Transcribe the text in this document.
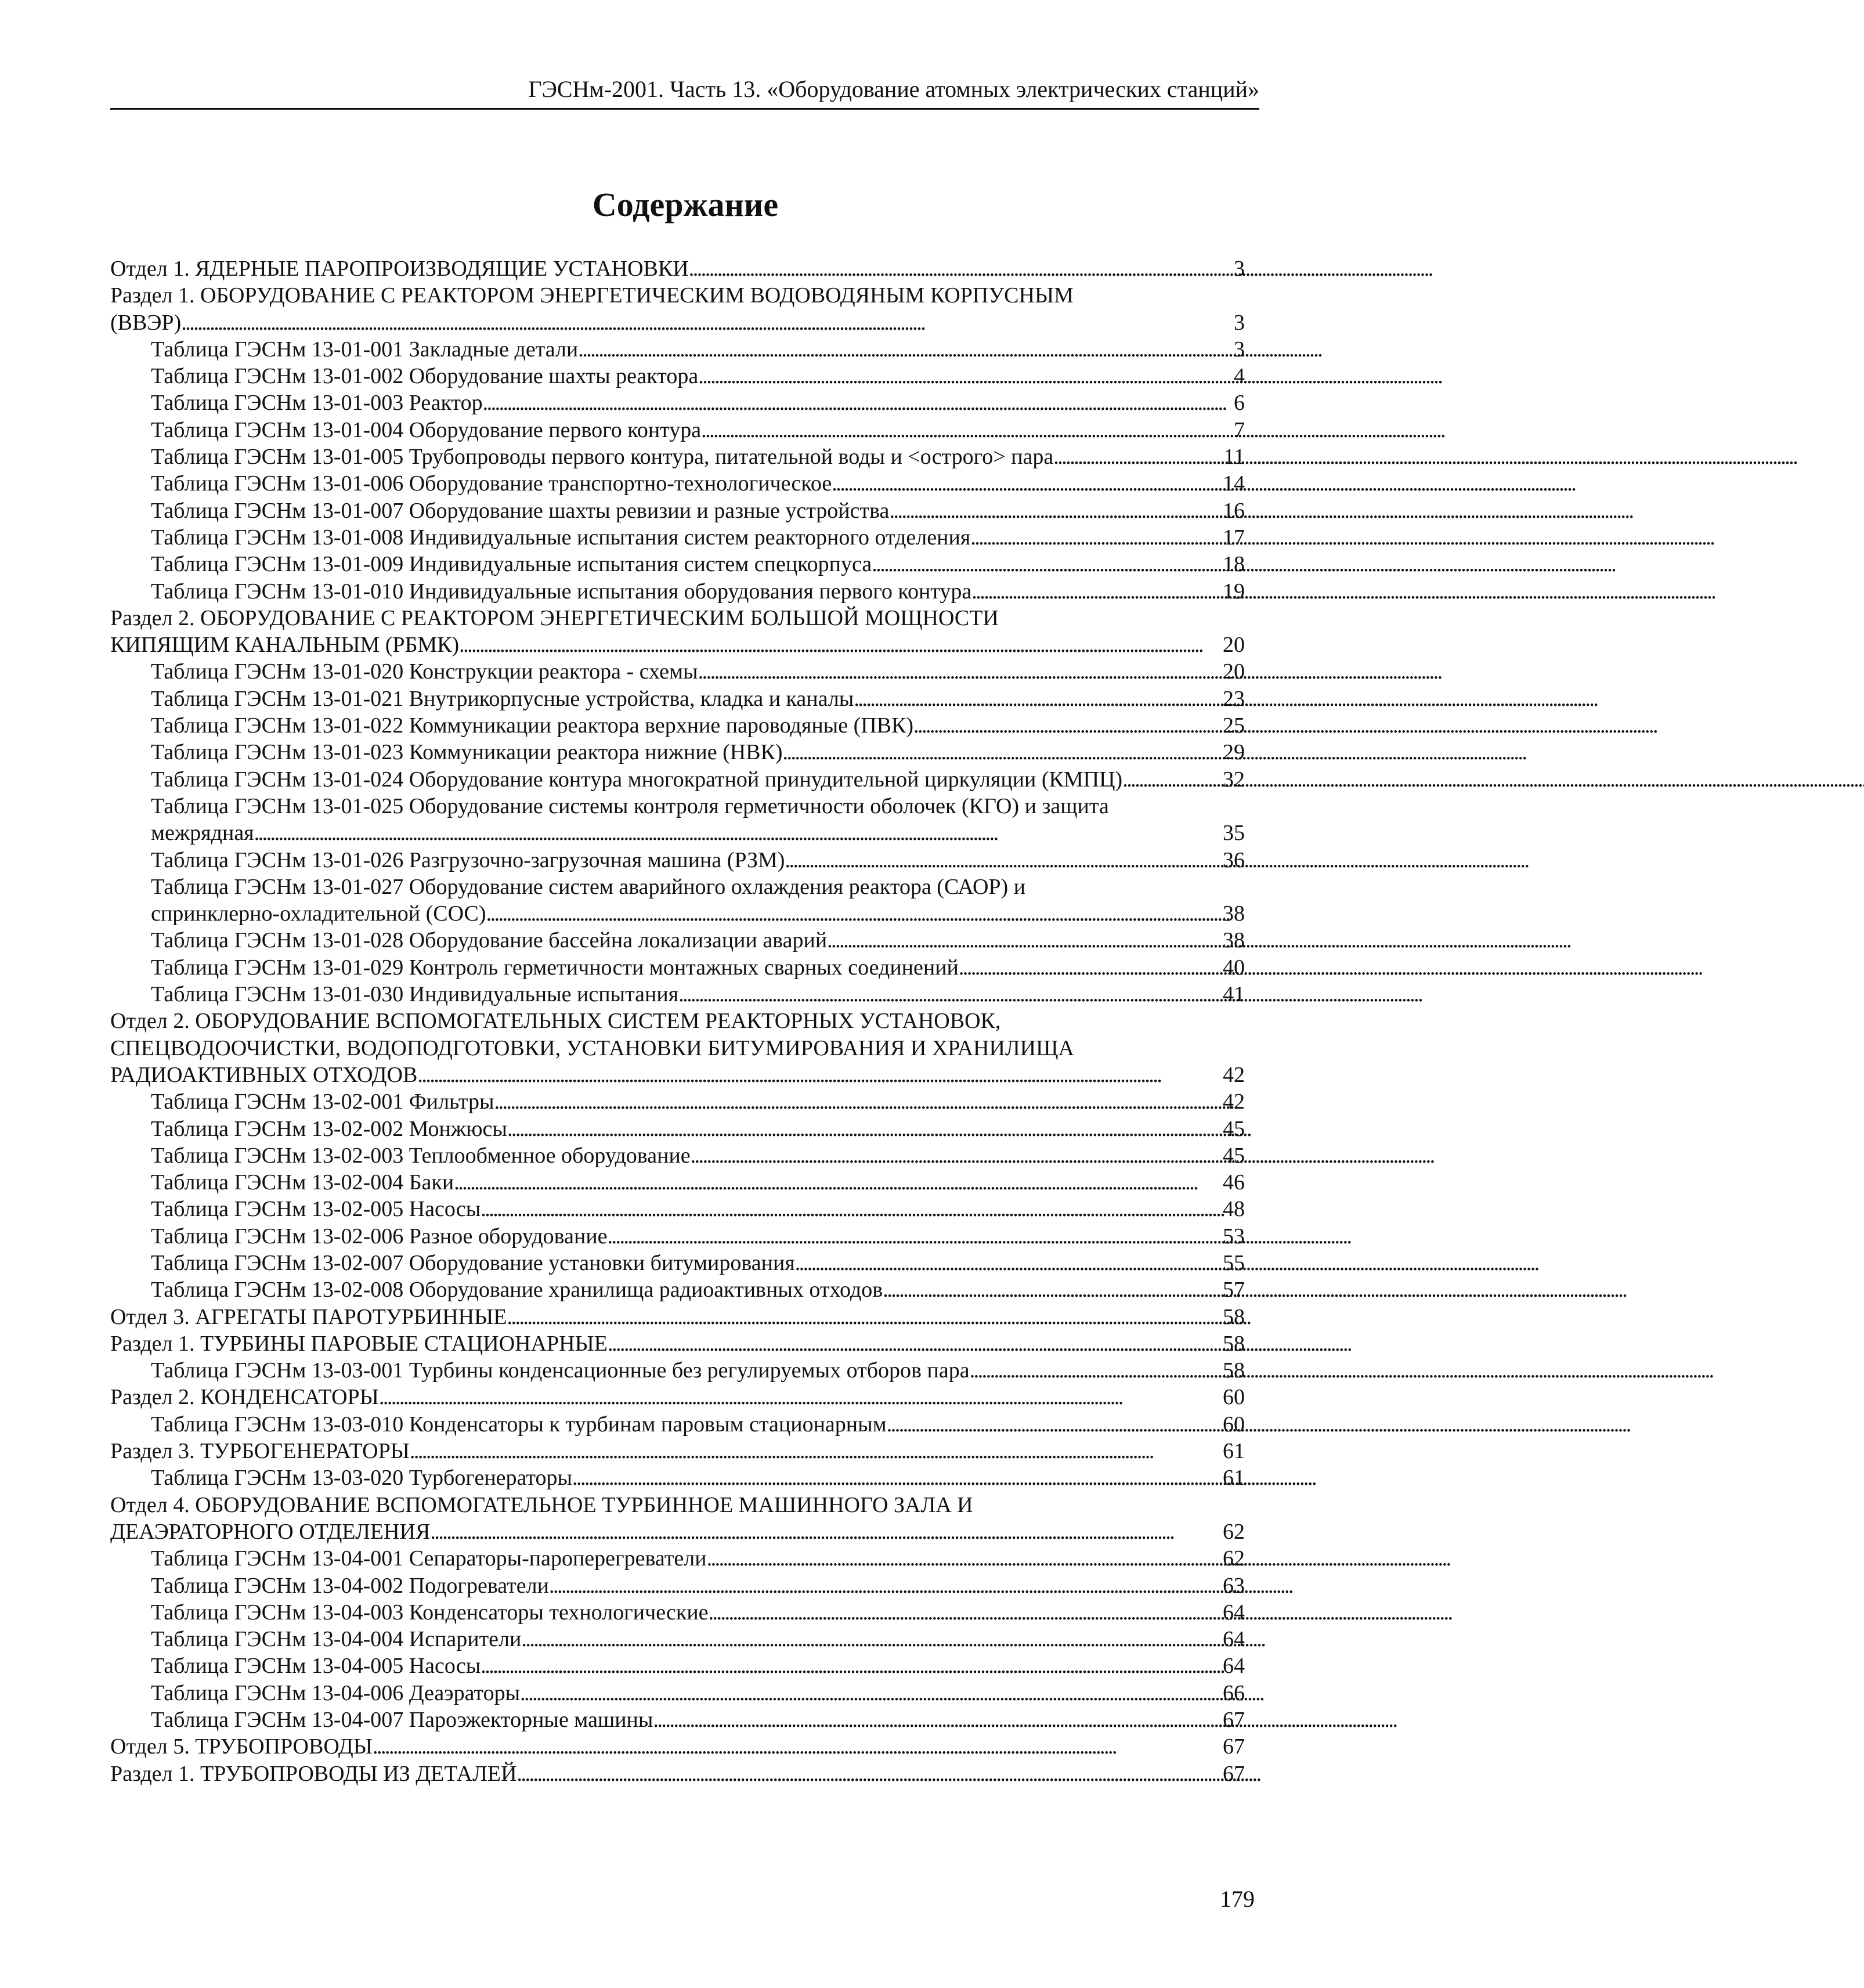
ГЭСНм-2001. Часть 13. «Оборудование атомных электрических станций»
Содержание
Отдел 1. ЯДЕРНЫЕ ПАРОПРОИЗВОДЯЩИЕ УСТАНОВКИ . . .	3
Раздел 1. ОБОРУДОВАНИЕ С РЕАКТОРОМ ЭНЕРГЕТИЧЕСКИМ ВОДОВОДЯНЫМ КОРПУСНЫМ
(ВВЭР) . . .	3
Таблица ГЭСНм 13-01-001 Закладные детали . . .	3
Таблица ГЭСНм 13-01-002 Оборудование шахты реактора . . .	4
Таблица ГЭСНм 13-01-003 Реактор . . .	6
Таблица ГЭСНм 13-01-004 Оборудование первого контура . . .	7
Таблица ГЭСНм 13-01-005 Трубопроводы первого контура, питательной воды и <острого> пара . . .	11
Таблица ГЭСНм 13-01-006 Оборудование транспортно-технологическое . . .	14
Таблица ГЭСНм 13-01-007 Оборудование шахты ревизии и разные устройства . . .	16
Таблица ГЭСНм 13-01-008 Индивидуальные испытания систем реакторного отделения . . .	17
Таблица ГЭСНм 13-01-009 Индивидуальные испытания систем спецкорпуса . . .	18
Таблица ГЭСНм 13-01-010 Индивидуальные испытания оборудования первого контура . . .	19
Раздел 2. ОБОРУДОВАНИЕ С РЕАКТОРОМ ЭНЕРГЕТИЧЕСКИМ БОЛЬШОЙ МОЩНОСТИ
КИПЯЩИМ КАНАЛЬНЫМ (РБМК) . . .	20
Таблица ГЭСНм 13-01-020 Конструкции реактора - схемы . . .	20
Таблица ГЭСНм 13-01-021 Внутрикорпусные устройства, кладка и каналы . . .	23
Таблица ГЭСНм 13-01-022 Коммуникации реактора верхние пароводяные (ПВК) . . .	25
Таблица ГЭСНм 13-01-023 Коммуникации реактора нижние (НВК) . . .	29
Таблица ГЭСНм 13-01-024 Оборудование контура многократной принудительной циркуляции (КМПЦ) . . .	32
Таблица ГЭСНм 13-01-025 Оборудование системы контроля герметичности оболочек (КГО) и защита
межрядная . . .	35
Таблица ГЭСНм 13-01-026 Разгрузочно-загрузочная машина (РЗМ) . . .	36
Таблица ГЭСНм 13-01-027 Оборудование систем аварийного охлаждения реактора (САОР) и
спринклерно-охладительной (СОС) . . .	38
Таблица ГЭСНм 13-01-028 Оборудование бассейна локализации аварий . . .	38
Таблица ГЭСНм 13-01-029 Контроль герметичности монтажных сварных соединений . . .	40
Таблица ГЭСНм 13-01-030 Индивидуальные испытания . . .	41
Отдел 2. ОБОРУДОВАНИЕ ВСПОМОГАТЕЛЬНЫХ СИСТЕМ РЕАКТОРНЫХ УСТАНОВОК,
СПЕЦВОДООЧИСТКИ, ВОДОПОДГОТОВКИ, УСТАНОВКИ БИТУМИРОВАНИЯ И ХРАНИЛИЩА
РАДИОАКТИВНЫХ ОТХОДОВ . . .	42
Таблица ГЭСНм 13-02-001 Фильтры . . .	42
Таблица ГЭСНм 13-02-002 Монжюсы . . .	45
Таблица ГЭСНм 13-02-003 Теплообменное оборудование . . .	45
Таблица ГЭСНм 13-02-004 Баки . . .	46
Таблица ГЭСНм 13-02-005 Насосы . . .	48
Таблица ГЭСНм 13-02-006 Разное оборудование . . .	53
Таблица ГЭСНм 13-02-007 Оборудование установки битумирования . . .	55
Таблица ГЭСНм 13-02-008 Оборудование хранилища радиоактивных отходов . . .	57
Отдел 3. АГРЕГАТЫ ПАРОТУРБИННЫЕ . . .	58
Раздел 1. ТУРБИНЫ ПАРОВЫЕ СТАЦИОНАРНЫЕ . . .	58
Таблица ГЭСНм 13-03-001 Турбины конденсационные без регулируемых отборов пара . . .	58
Раздел 2. КОНДЕНСАТОРЫ . . .	60
Таблица ГЭСНм 13-03-010 Конденсаторы к турбинам паровым стационарным . . .	60
Раздел 3. ТУРБОГЕНЕРАТОРЫ . . .	61
Таблица ГЭСНм 13-03-020 Турбогенераторы . . .	61
Отдел 4. ОБОРУДОВАНИЕ ВСПОМОГАТЕЛЬНОЕ ТУРБИННОЕ МАШИННОГО ЗАЛА И
ДЕАЭРАТОРНОГО ОТДЕЛЕНИЯ . . .	62
Таблица ГЭСНм 13-04-001 Сепараторы-пароперегреватели . . .	62
Таблица ГЭСНм 13-04-002 Подогреватели . . .	63
Таблица ГЭСНм 13-04-003 Конденсаторы технологические . . .	64
Таблица ГЭСНм 13-04-004 Испарители . . .	64
Таблица ГЭСНм 13-04-005 Насосы . . .	64
Таблица ГЭСНм 13-04-006 Деаэраторы . . .	66
Таблица ГЭСНм 13-04-007 Пароэжекторные машины . . .	67
Отдел 5. ТРУБОПРОВОДЫ . . .	67
Раздел 1. ТРУБОПРОВОДЫ ИЗ ДЕТАЛЕЙ . . .	67
179
